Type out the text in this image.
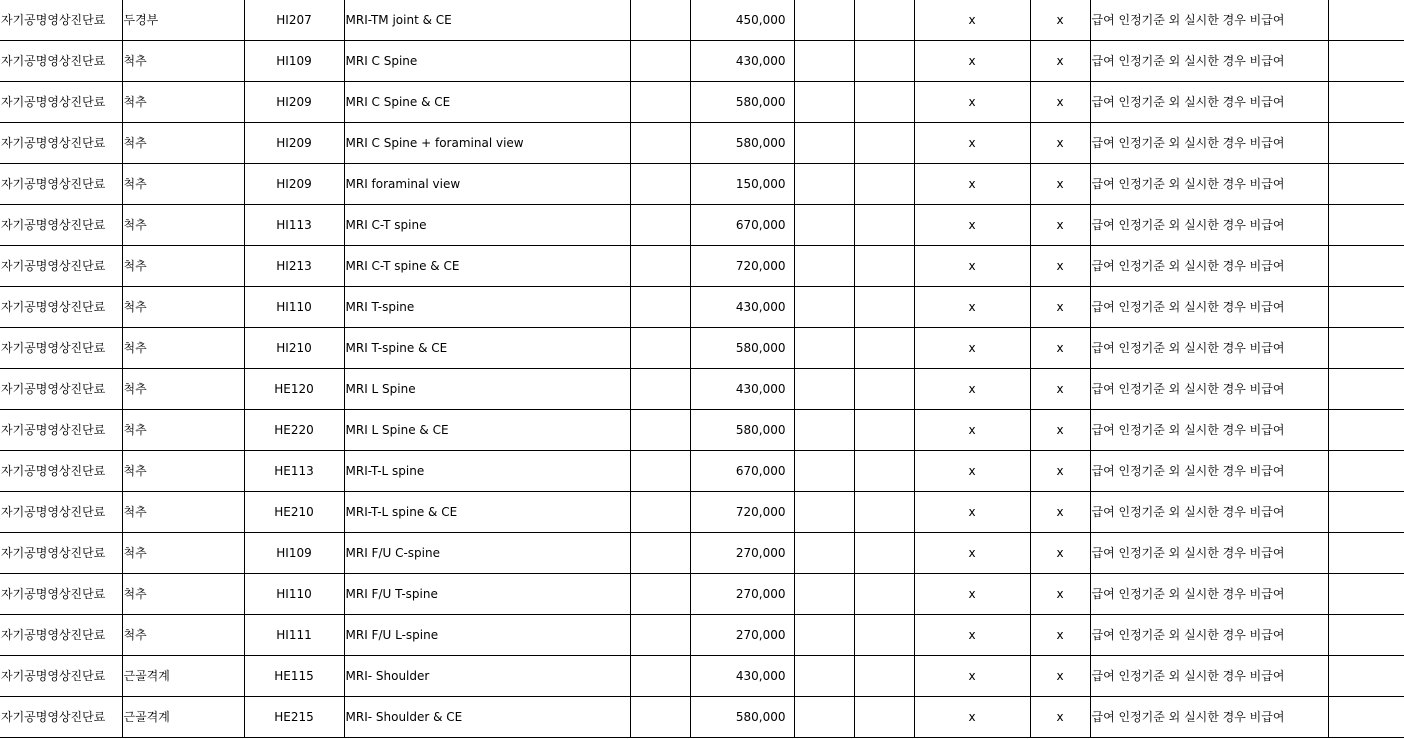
자기공명영상진단료	두경부	HI207	MRI-TM joint & CE		450,000			x	x	급여 인정기준 외 실시한 경우 비급여	
자기공명영상진단료	척추	HI109	MRI C Spine		430,000			x	x	급여 인정기준 외 실시한 경우 비급여	
자기공명영상진단료	척추	HI209	MRI C Spine & CE		580,000			x	x	급여 인정기준 외 실시한 경우 비급여	
자기공명영상진단료	척추	HI209	MRI C Spine + foraminal view		580,000			x	x	급여 인정기준 외 실시한 경우 비급여	
자기공명영상진단료	척추	HI209	MRI foraminal view		150,000			x	x	급여 인정기준 외 실시한 경우 비급여	
자기공명영상진단료	척추	HI113	MRI C-T spine		670,000			x	x	급여 인정기준 외 실시한 경우 비급여	
자기공명영상진단료	척추	HI213	MRI C-T spine & CE		720,000			x	x	급여 인정기준 외 실시한 경우 비급여	
자기공명영상진단료	척추	HI110	MRI T-spine		430,000			x	x	급여 인정기준 외 실시한 경우 비급여	
자기공명영상진단료	척추	HI210	MRI T-spine & CE		580,000			x	x	급여 인정기준 외 실시한 경우 비급여	
자기공명영상진단료	척추	HE120	MRI L Spine		430,000			x	x	급여 인정기준 외 실시한 경우 비급여	
자기공명영상진단료	척추	HE220	MRI L Spine & CE		580,000			x	x	급여 인정기준 외 실시한 경우 비급여	
자기공명영상진단료	척추	HE113	MRI-T-L spine		670,000			x	x	급여 인정기준 외 실시한 경우 비급여	
자기공명영상진단료	척추	HE210	MRI-T-L spine & CE		720,000			x	x	급여 인정기준 외 실시한 경우 비급여	
자기공명영상진단료	척추	HI109	MRI F/U C-spine		270,000			x	x	급여 인정기준 외 실시한 경우 비급여	
자기공명영상진단료	척추	HI110	MRI F/U T-spine		270,000			x	x	급여 인정기준 외 실시한 경우 비급여	
자기공명영상진단료	척추	HI111	MRI F/U L-spine		270,000			x	x	급여 인정기준 외 실시한 경우 비급여	
자기공명영상진단료	근골격계	HE115	MRI- Shoulder		430,000			x	x	급여 인정기준 외 실시한 경우 비급여	
자기공명영상진단료	근골격계	HE215	MRI- Shoulder & CE		580,000			x	x	급여 인정기준 외 실시한 경우 비급여	
